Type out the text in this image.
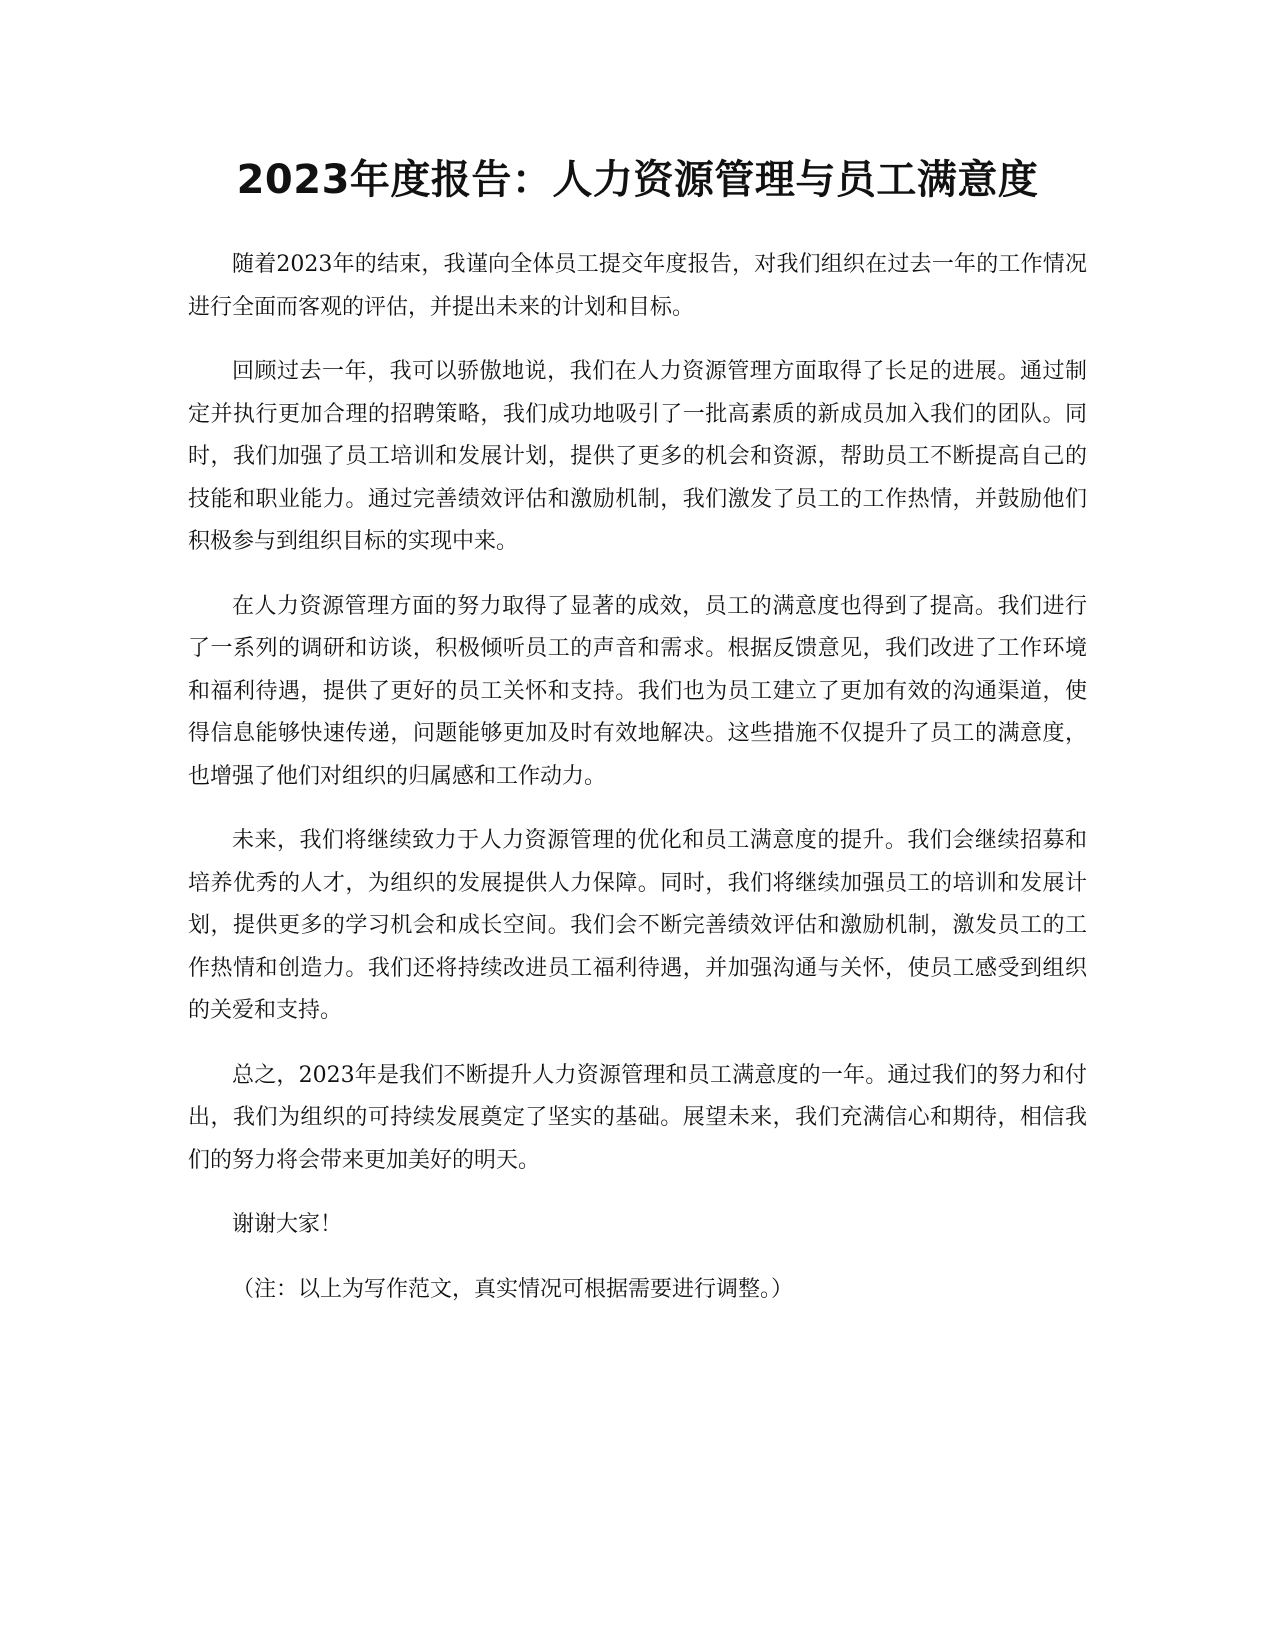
2023年度报告：人力资源管理与员工满意度

随着2023年的结束，我谨向全体员工提交年度报告，对我们组织在过去一年的工作情况进行全面而客观的评估，并提出未来的计划和目标。

回顾过去一年，我可以骄傲地说，我们在人力资源管理方面取得了长足的进展。通过制定并执行更加合理的招聘策略，我们成功地吸引了一批高素质的新成员加入我们的团队。同时，我们加强了员工培训和发展计划，提供了更多的机会和资源，帮助员工不断提高自己的技能和职业能力。通过完善绩效评估和激励机制，我们激发了员工的工作热情，并鼓励他们积极参与到组织目标的实现中来。

在人力资源管理方面的努力取得了显著的成效，员工的满意度也得到了提高。我们进行了一系列的调研和访谈，积极倾听员工的声音和需求。根据反馈意见，我们改进了工作环境和福利待遇，提供了更好的员工关怀和支持。我们也为员工建立了更加有效的沟通渠道，使得信息能够快速传递，问题能够更加及时有效地解决。这些措施不仅提升了员工的满意度，也增强了他们对组织的归属感和工作动力。

未来，我们将继续致力于人力资源管理的优化和员工满意度的提升。我们会继续招募和培养优秀的人才，为组织的发展提供人力保障。同时，我们将继续加强员工的培训和发展计划，提供更多的学习机会和成长空间。我们会不断完善绩效评估和激励机制，激发员工的工作热情和创造力。我们还将持续改进员工福利待遇，并加强沟通与关怀，使员工感受到组织的关爱和支持。

总之，2023年是我们不断提升人力资源管理和员工满意度的一年。通过我们的努力和付出，我们为组织的可持续发展奠定了坚实的基础。展望未来，我们充满信心和期待，相信我们的努力将会带来更加美好的明天。

谢谢大家！

（注：以上为写作范文，真实情况可根据需要进行调整。）
